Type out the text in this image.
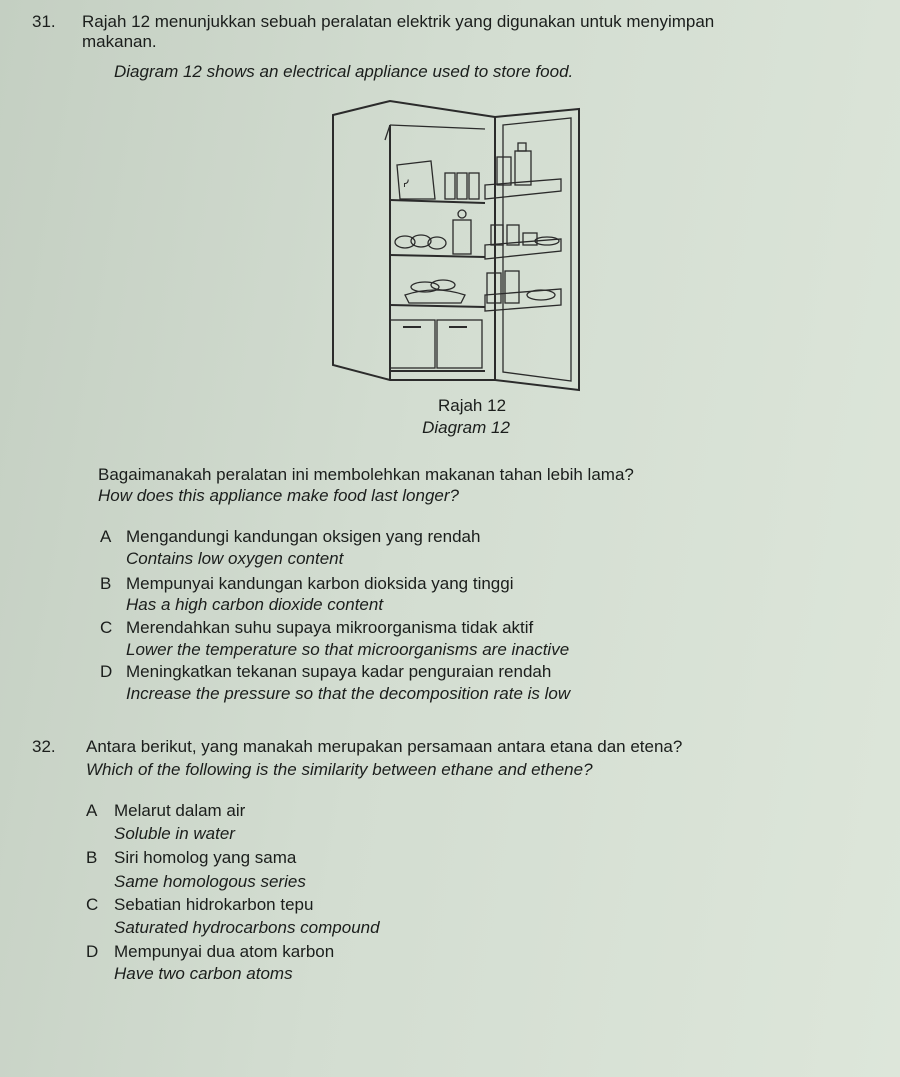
31. Rajah 12 menunjukkan sebuah peralatan elektrik yang digunakan untuk menyimpan
makanan.
Diagram 12 shows an electrical appliance used to store food.
ᓯ
Rajah 12
Diagram 12
Bagaimanakah peralatan ini membolehkan makanan tahan lebih lama?
How does this appliance make food last longer?
A Mengandungi kandungan oksigen yang rendah
Contains low oxygen content
B Mempunyai kandungan karbon dioksida yang tinggi
Has a high carbon dioxide content
C Merendahkan suhu supaya mikroorganisma tidak aktif
Lower the temperature so that microorganisms are inactive
D Meningkatkan tekanan supaya kadar penguraian rendah
Increase the pressure so that the decomposition rate is low
32. Antara berikut, yang manakah merupakan persamaan antara etana dan etena?
Which of the following is the similarity between ethane and ethene?
A Melarut dalam air
Soluble in water
B Siri homolog yang sama
Same homologous series
C Sebatian hidrokarbon tepu
Saturated hydrocarbons compound
D Mempunyai dua atom karbon
Have two carbon atoms
